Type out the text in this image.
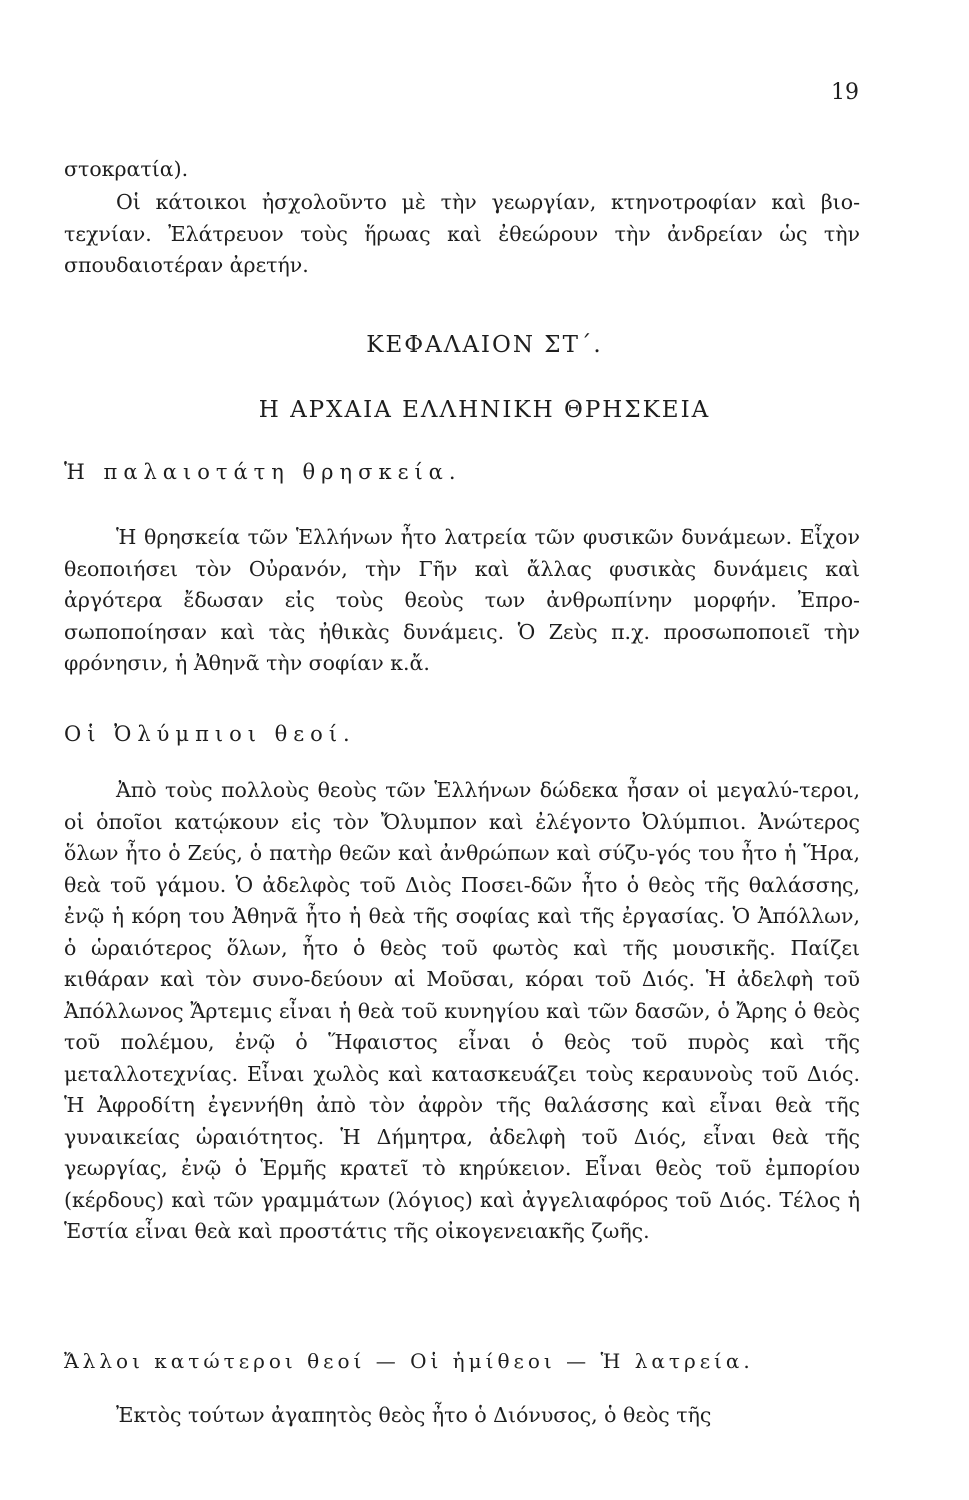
19

στοκρατία).

Οἱ κάτοικοι ἠσχολοῦντο μὲ τὴν γεωργίαν, κτηνοτροφίαν καὶ βιο-τεχνίαν. Ἐλάτρευον τοὺς ἥρωας καὶ ἐθεώρουν τὴν ἀνδρείαν ὡς τὴν σπουδαιοτέραν ἀρετήν.

ΚΕΦΑΛΑΙΟΝ ΣΤ΄.
Η ΑΡΧΑΙΑ ΕΛΛΗΝΙΚΗ ΘΡΗΣΚΕΙΑ
Ἡ παλαιοτάτη θρησκεία.

Ἡ θρησκεία τῶν Ἑλλήνων ἦτο λατρεία τῶν φυσικῶν δυνάμεων. Εἶχον θεοποιήσει τὸν Οὐρανόν, τὴν Γῆν καὶ ἄλλας φυσικὰς δυνάμεις καὶ ἀργότερα ἔδωσαν εἰς τοὺς θεοὺς των ἀνθρωπίνην μορφήν. Ἐπρο-σωποποίησαν καὶ τὰς ἠθικὰς δυνάμεις. Ὁ Ζεὺς π.χ. προσωποποιεῖ τὴν φρόνησιν, ἡ Ἀθηνᾶ τὴν σοφίαν κ.ἄ.

Οἱ Ὀλύμπιοι θεοί.

Ἀπὸ τοὺς πολλοὺς θεοὺς τῶν Ἑλλήνων δώδεκα ἦσαν οἱ μεγαλύ-τεροι, οἱ ὁποῖοι κατῴκουν εἰς τὸν Ὄλυμπον καὶ ἐλέγοντο Ὀλύμπιοι. Ἀνώτερος ὅλων ἦτο ὁ Ζεύς, ὁ πατὴρ θεῶν καὶ ἀνθρώπων καὶ σύζυ-γός του ἦτο ἡ Ἥρα, θεὰ τοῦ γάμου. Ὁ ἀδελφὸς τοῦ Διὸς Ποσει-δῶν ἦτο ὁ θεὸς τῆς θαλάσσης, ἐνῷ ἡ κόρη του Ἀθηνᾶ ἦτο ἡ θεὰ τῆς σοφίας καὶ τῆς ἐργασίας. Ὁ Ἀπόλλων, ὁ ὡραιότερος ὅλων, ἦτο ὁ θεὸς τοῦ φωτὸς καὶ τῆς μουσικῆς. Παίζει κιθάραν καὶ τὸν συνο-δεύουν αἱ Μοῦσαι, κόραι τοῦ Διός. Ἡ ἀδελφὴ τοῦ Ἀπόλλωνος Ἄρτεμις εἶναι ἡ θεὰ τοῦ κυνηγίου καὶ τῶν δασῶν, ὁ Ἄρης ὁ θεὸς τοῦ πολέμου, ἐνῷ ὁ Ἥφαιστος εἶναι ὁ θεὸς τοῦ πυρὸς καὶ τῆς μεταλλοτεχνίας. Εἶναι χωλὸς καὶ κατασκευάζει τοὺς κεραυνοὺς τοῦ Διός. Ἡ Ἀφροδίτη ἐγεννήθη ἀπὸ τὸν ἀφρὸν τῆς θαλάσσης καὶ εἶναι θεὰ τῆς γυναικείας ὡραιότητος. Ἡ Δήμητρα, ἀδελφὴ τοῦ Διός, εἶναι θεὰ τῆς γεωργίας, ἐνῷ ὁ Ἑρμῆς κρατεῖ τὸ κηρύκειον. Εἶναι θεὸς τοῦ ἐμπορίου (κέρδους) καὶ τῶν γραμμάτων (λόγιος) καὶ ἀγγελιαφόρος τοῦ Διός. Τέλος ἡ Ἑστία εἶναι θεὰ καὶ προστάτις τῆς οἰκογενειακῆς ζωῆς.

Ἄλλοι κατώτεροι θεοί — Οἱ ἡμίθεοι — Ἡ λατρεία.

Ἐκτὸς τούτων ἀγαπητὸς θεὸς ἦτο ὁ Διόνυσος, ὁ θεὸς τῆς
